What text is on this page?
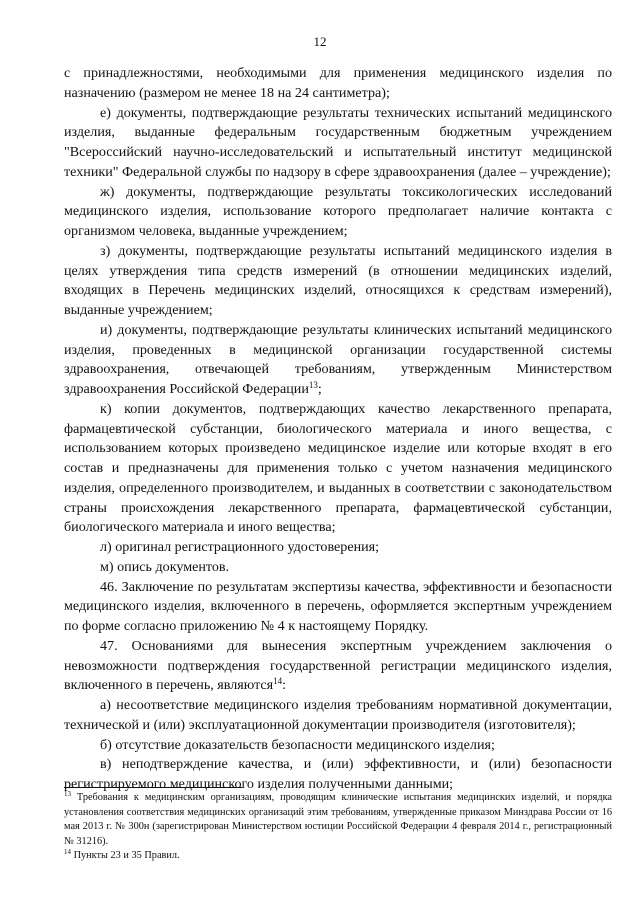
12

с принадлежностями, необходимыми для применения медицинского изделия по назначению (размером не менее 18 на 24 сантиметра);

е) документы, подтверждающие результаты технических испытаний медицинского изделия, выданные федеральным государственным бюджетным учреждением "Всероссийский научно-исследовательский и испытательный институт медицинской техники" Федеральной службы по надзору в сфере здравоохранения (далее – учреждение);

ж) документы, подтверждающие результаты токсикологических исследований медицинского изделия, использование которого предполагает наличие контакта с организмом человека, выданные учреждением;

з) документы, подтверждающие результаты испытаний медицинского изделия в целях утверждения типа средств измерений (в отношении медицинских изделий, входящих в Перечень медицинских изделий, относящихся к средствам измерений), выданные учреждением;

и) документы, подтверждающие результаты клинических испытаний медицинского изделия, проведенных в медицинской организации государственной системы здравоохранения, отвечающей требованиям, утвержденным Министерством здравоохранения Российской Федерации$^{13}$;

к) копии документов, подтверждающих качество лекарственного препарата, фармацевтической субстанции, биологического материала и иного вещества, с использованием которых произведено медицинское изделие или которые входят в его состав и предназначены для применения только с учетом назначения медицинского изделия, определенного производителем, и выданных в соответствии с законодательством страны происхождения лекарственного препарата, фармацевтической субстанции, биологического материала и иного вещества;

л) оригинал регистрационного удостоверения;

м) опись документов.

46. Заключение по результатам экспертизы качества, эффективности и безопасности медицинского изделия, включенного в перечень, оформляется экспертным учреждением по форме согласно приложению № 4 к настоящему Порядку.

47. Основаниями для вынесения экспертным учреждением заключения о невозможности подтверждения государственной регистрации медицинского изделия, включенного в перечень, являются$^{14}$:

а) несоответствие медицинского изделия требованиям нормативной документации, технической и (или) эксплуатационной документации производителя (изготовителя);

б) отсутствие доказательств безопасности медицинского изделия;

в) неподтверждение качества, и (или) эффективности, и (или) безопасности регистрируемого медицинского изделия полученными данными;

$^{13}$ Требования к медицинским организациям, проводящим клинические испытания медицинских изделий, и порядка установления соответствия медицинских организаций этим требованиям, утвержденные приказом Минздрава России от 16 мая 2013 г. № 300н (зарегистрирован Министерством юстиции Российской Федерации 4 февраля 2014 г., регистрационный № 31216).

$^{14}$ Пункты 23 и 35 Правил.
